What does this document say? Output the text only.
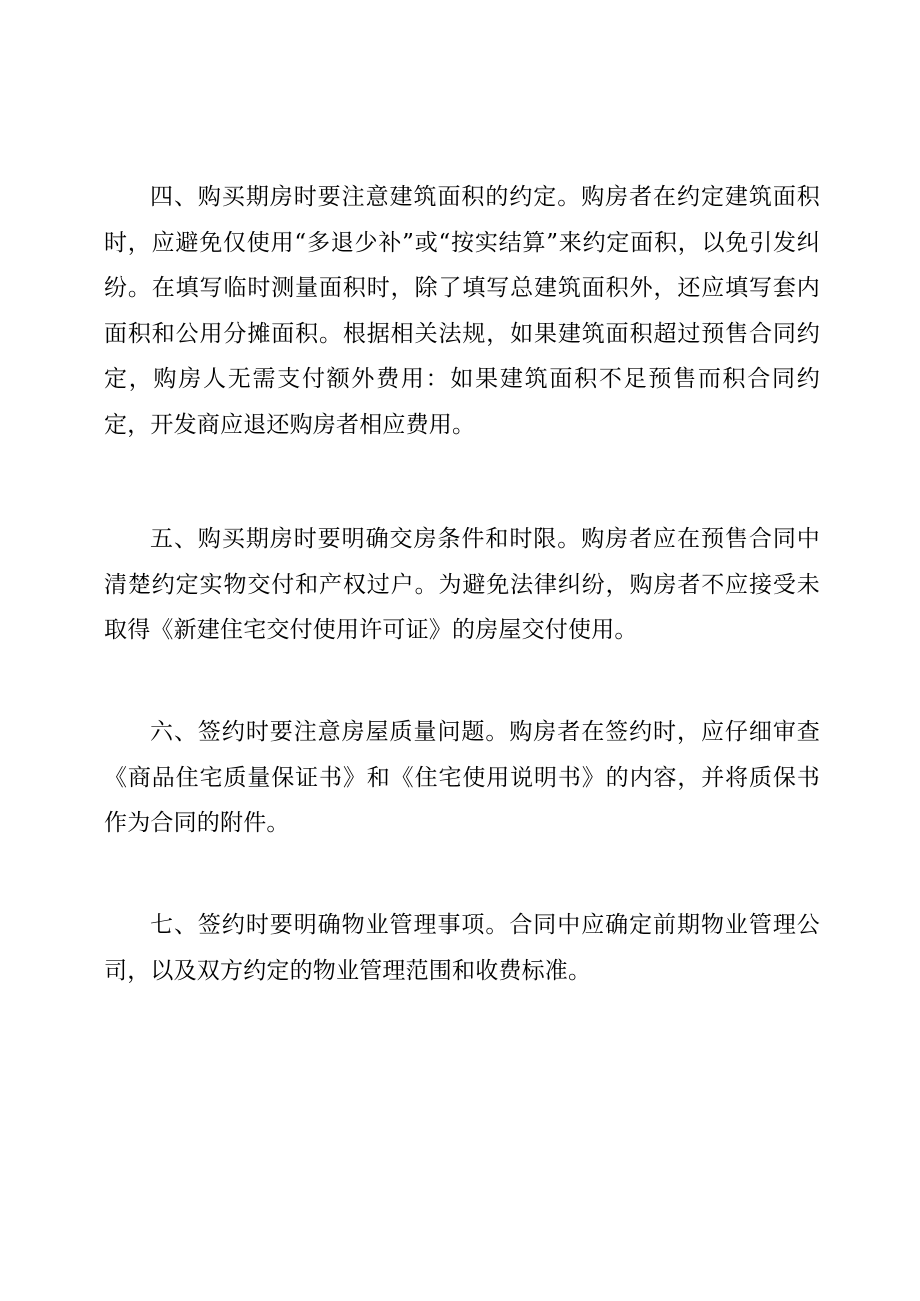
四、购买期房时要注意建筑面积的约定。购房者在约定建筑面积时，应避免仅使用“多退少补”或“按实结算”来约定面积，以免引发纠纷。在填写临时测量面积时，除了填写总建筑面积外，还应填写套内面积和公用分摊面积。根据相关法规，如果建筑面积超过预售合同约定，购房人无需支付额外费用：如果建筑面积不足预售而积合同约定，开发商应退还购房者相应费用。

五、购买期房时要明确交房条件和时限。购房者应在预售合同中清楚约定实物交付和产权过户。为避免法律纠纷，购房者不应接受未取得《新建住宅交付使用许可证》的房屋交付使用。

六、签约时要注意房屋质量问题。购房者在签约时，应仔细审查《商品住宅质量保证书》和《住宅使用说明书》的内容，并将质保书作为合同的附件。

七、签约时要明确物业管理事项。合同中应确定前期物业管理公司，以及双方约定的物业管理范围和收费标准。
